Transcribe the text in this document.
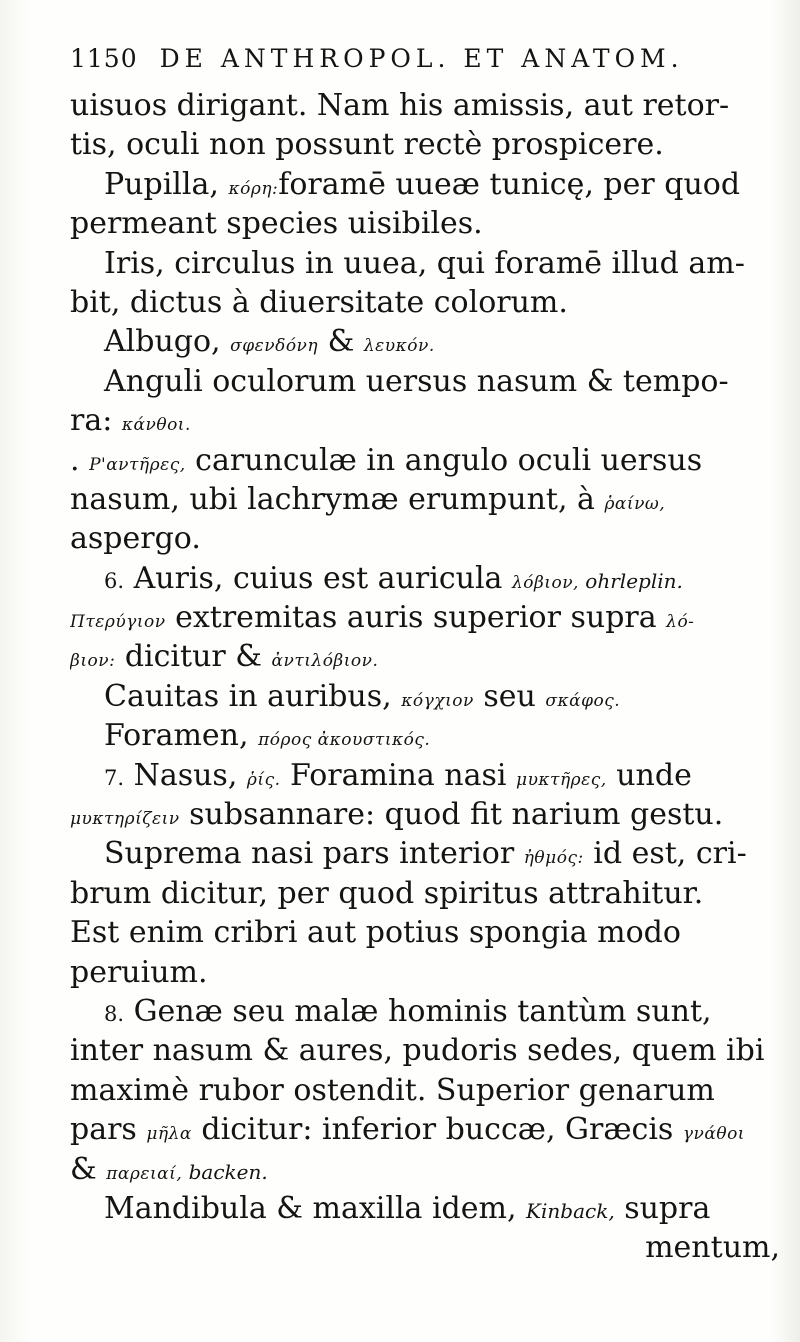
1150 DE ANTHROPOL. ET ANATOM.
uisuos dirigant. Nam his amissis, aut retor-
tis, oculi non possunt rectè prospicere.
Pupilla, κόρη:foramē uueæ tunicę, per quod
permeant species uisibiles.
Iris, circulus in uuea, qui foramē illud am-
bit, dictus à diuersitate colorum.
Albugo, σφενδόνη & λευκόν.
Anguli oculorum uersus nasum & tempo-
ra: κάνθοι.
. Ρ'αντῆρες, carunculæ in angulo oculi uersus
nasum, ubi lachrymæ erumpunt, à ῥαίνω,
aspergo.
6. Auris, cuius est auricula λόβιον, ohrleplin.
Πτερύγιον extremitas auris superior supra λό-
βιον: dicitur & ἀντιλόβιον.
Cauitas in auribus, κόγχιον seu σκάφος.
Foramen, πόρος ἀκουστικός.
7. Nasus, ῥίς. Foramina nasi μυκτῆρες, unde
μυκτηρίζειν subsannare: quod fit narium gestu.
Suprema nasi pars interior ἠθμός: id est, cri-
brum dicitur, per quod spiritus attrahitur.
Est enim cribri aut potius spongia modo
peruium.
8. Genæ seu malæ hominis tantùm sunt,
inter nasum & aures, pudoris sedes, quem ibi
maximè rubor ostendit. Superior genarum
pars μῆλα dicitur: inferior buccæ, Græcis γνάθοι
& παρειαί, backen.
Mandibula & maxilla idem, Kinback, supra
mentum,
